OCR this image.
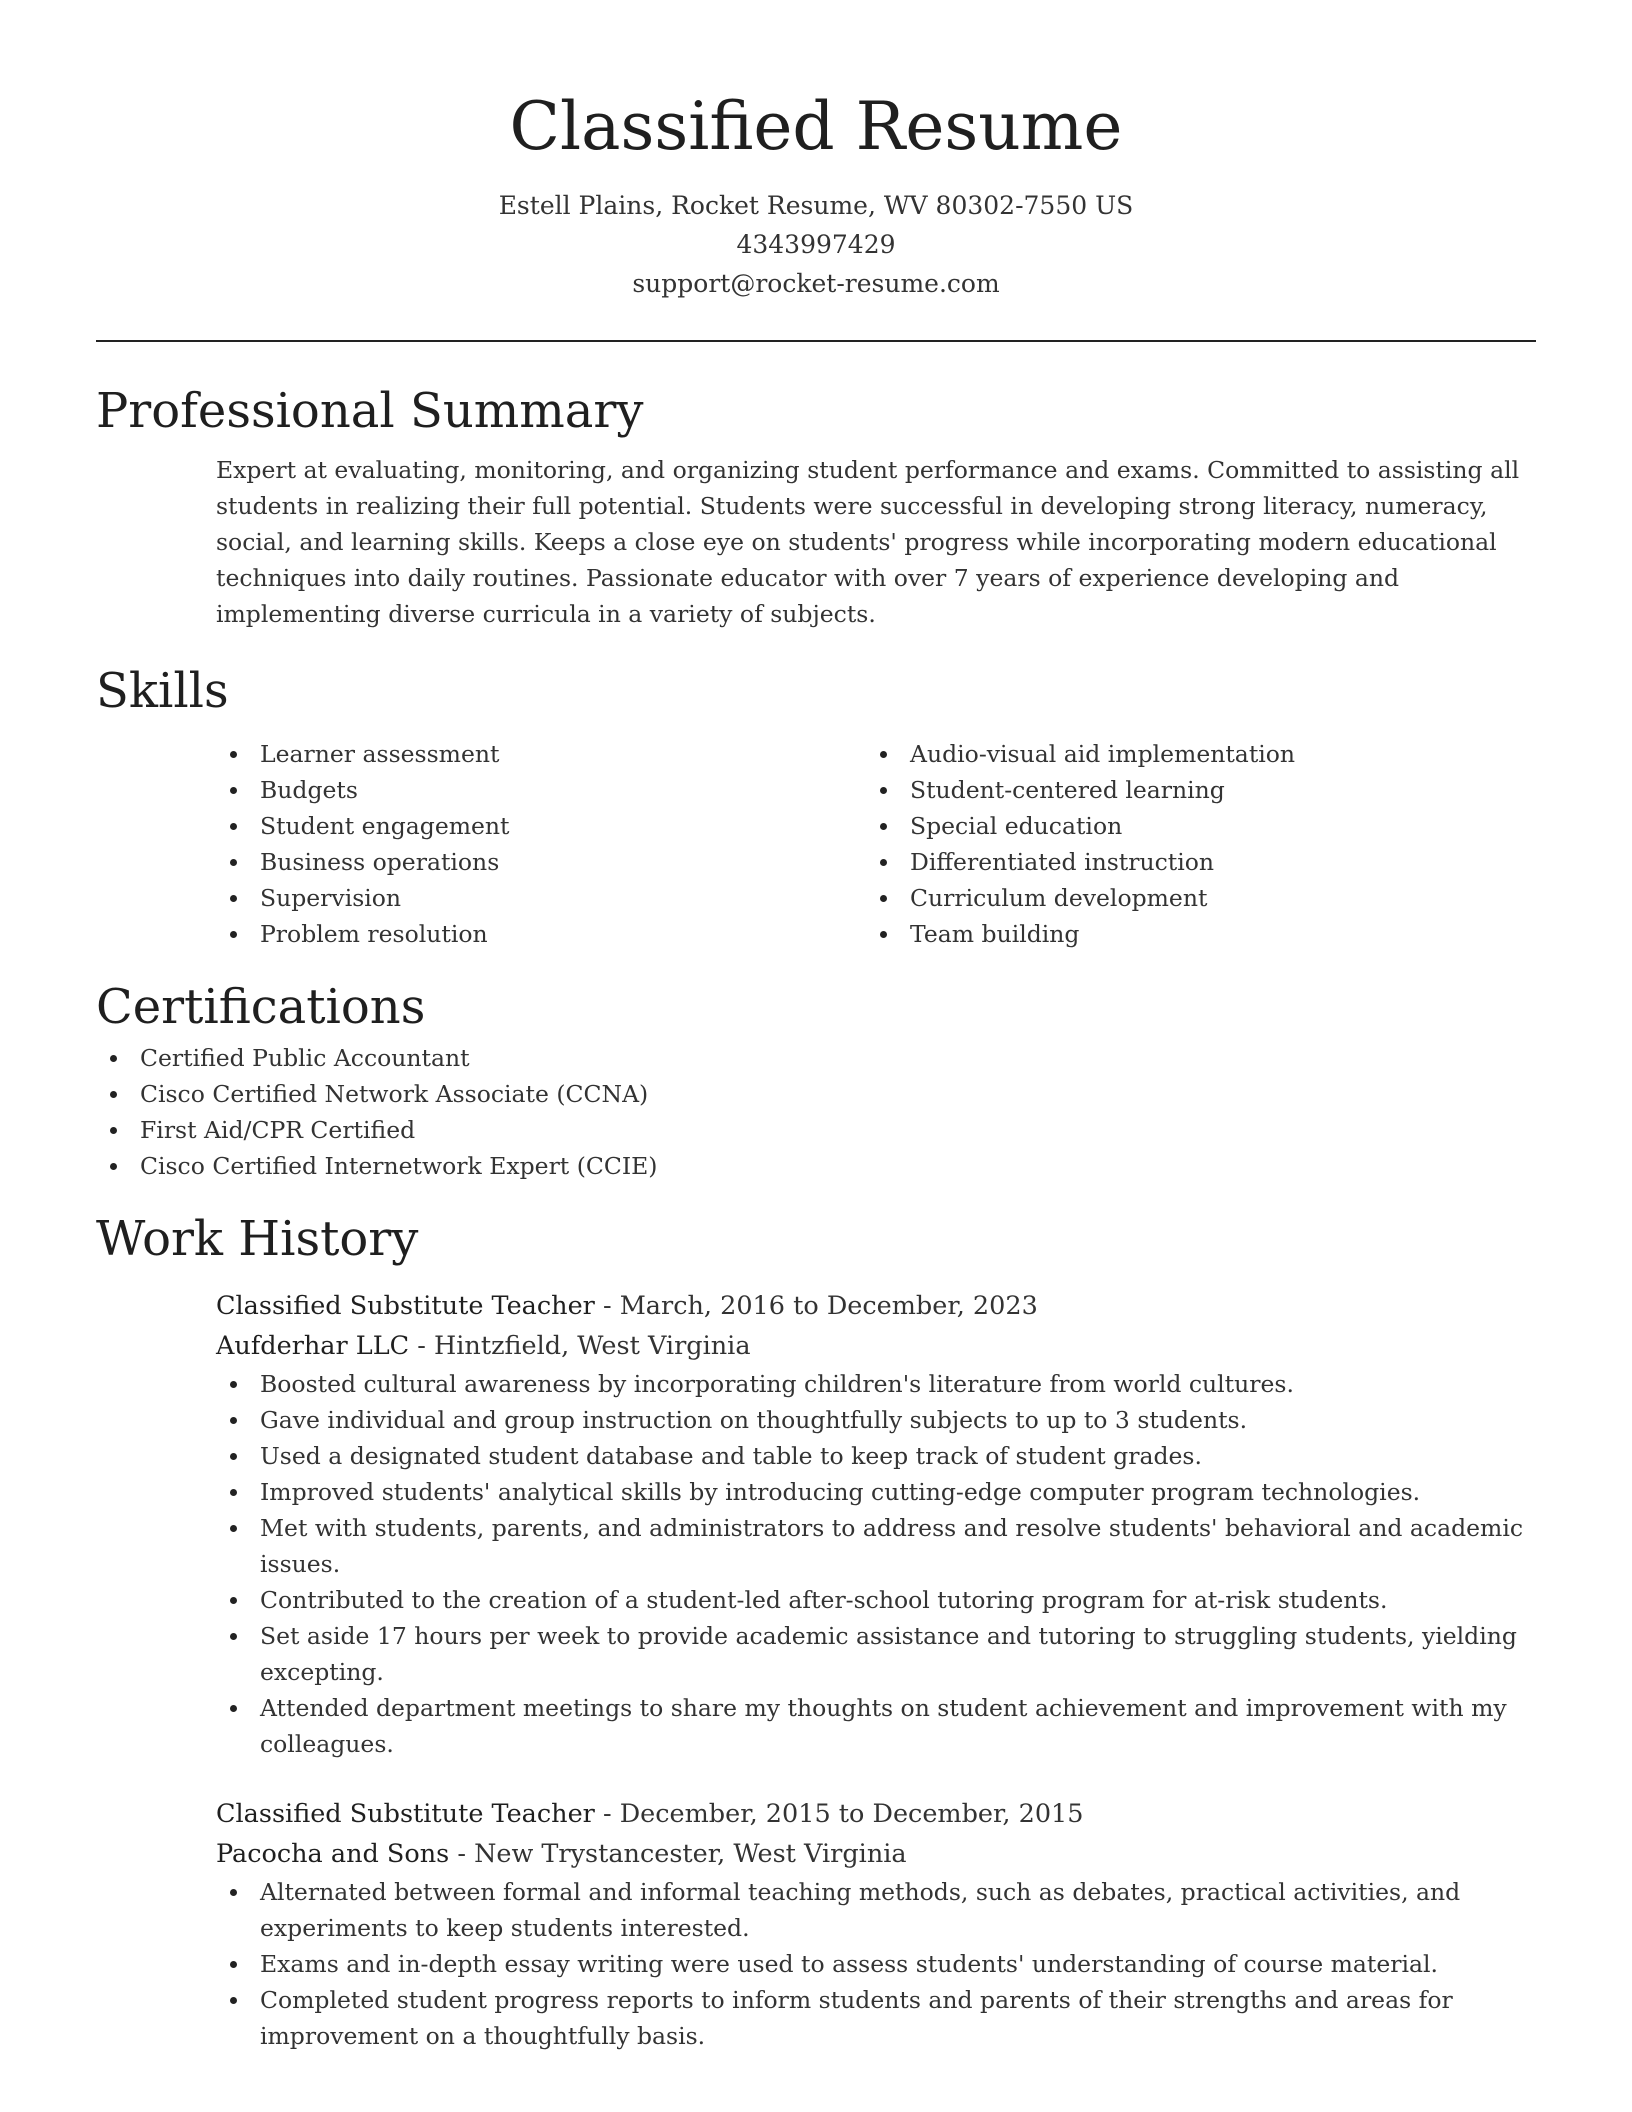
Classified Resume
Estell Plains, Rocket Resume, WV 80302-7550 US
4343997429
support@rocket-resume.com
Professional Summary

Expert at evaluating, monitoring, and organizing student performance and exams. Committed to assisting all students in realizing their full potential. Students were successful in developing strong literacy, numeracy, social, and learning skills. Keeps a close eye on students' progress while incorporating modern educational techniques into daily routines. Passionate educator with over 7 years of experience developing and implementing diverse curricula in a variety of subjects.

Skills
Learner assessment
Budgets
Student engagement
Business operations
Supervision
Problem resolution
Audio-visual aid implementation
Student-centered learning
Special education
Differentiated instruction
Curriculum development
Team building
Certifications
Certified Public Accountant
Cisco Certified Network Associate (CCNA)
First Aid/CPR Certified
Cisco Certified Internetwork Expert (CCIE)
Work History
Classified Substitute Teacher - March, 2016 to December, 2023
Aufderhar LLC - Hintzfield, West Virginia
Boosted cultural awareness by incorporating children's literature from world cultures.
Gave individual and group instruction on thoughtfully subjects to up to 3 students.
Used a designated student database and table to keep track of student grades.
Improved students' analytical skills by introducing cutting-edge computer program technologies.
Met with students, parents, and administrators to address and resolve students' behavioral and academic issues.
Contributed to the creation of a student-led after-school tutoring program for at-risk students.
Set aside 17 hours per week to provide academic assistance and tutoring to struggling students, yielding excepting.
Attended department meetings to share my thoughts on student achievement and improvement with my colleagues.
Classified Substitute Teacher - December, 2015 to December, 2015
Pacocha and Sons - New Trystancester, West Virginia
Alternated between formal and informal teaching methods, such as debates, practical activities, and experiments to keep students interested.
Exams and in-depth essay writing were used to assess students' understanding of course material.
Completed student progress reports to inform students and parents of their strengths and areas for improvement on a thoughtfully basis.
